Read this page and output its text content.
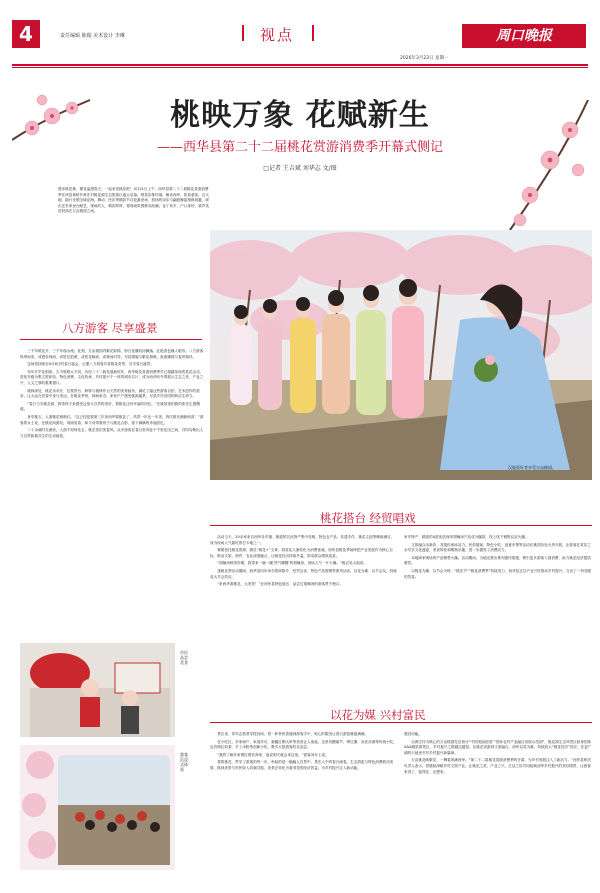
4	责任编辑 陈俊 美术设计 李琳	视点	周口晚报
2026年3月23日 星期一
桃映万象 花赋新生
——西华县第二十二届桃花赏游消费季开幕式侧记
□记者 王吉斌 刘华志 文/图
漫步桃花林，撷花溢漫春天，一起来赏桃花吧！3月21日上午，西华县第二十二届桃花赏游消费季在该县黄桥乡黄庄村桃花源生态旅游区盛大启幕。观赏彩排环境，畅谈西华，知春意浓。过大地，踏行光照全域花海。舞动、民乐等精彩节目轮番登场，悠扬的诗乐与翩跹舞姿相映成趣，演出艺术家登台献艺，现场的人、喝彩阵阵，将现场氛围推向高潮。金丁家乡、户口身份，欢声笑语回荡在万亩桃园之间。
八方游客 尽享盛景

三千年桃花开，三千年瑞水流。此刻，万亩桃园内繁花似锦，粉白花瓣轻扬飘落，红艳香色撞人眼帘。八方游客络绎而来，或漫步林间，或驻足拍照，或依花畅叙，或林间对弈，尽赏旖旎与繁花相映，致意缠绵与春风相伴。

这场将持续至4月6日的春日盛会，正邀八方游客共赏桃花奇景，尽享春日盛景。

年年岁岁花相似，古今娱娱大不同。历经二十二载发展新钦作，西华桃花赏游消费季早已超越单纯的赏花活动，进化升级为集文旅体验、特色消费、文化传承、乡村振兴于一体的城市名片，成为西华向外界展示生态之美、产业之兴、人文之厚的重要窗口。

桃林深处，桃花朵朵开，往观景台、跨桥与桃林作为天然的美背画布，满足了踏这些游客自拍、艺术创作的需求。让大众在赏春中身与美达，在桃花季里，林间举办，家家户户感受桃源盛景，尽是乡村田园的鲜活生命力。

“春日与芳桃花源，我带孩子来感受这里大自然的美好，看桃花这份幸福的回忆。”在桃园里拍照的张先生感慨道。

身穿桃衣，人面桃花相映红。“这已经是我第三次来西华看桃花了，风景一年比一年美，每次都充满新惊喜！”游客郑女士说，在桃花间游玩，现场赏春，和父母带着孩子与桃花合影，留下满满的幸福回忆。

二十余载时光流转，人面不知何处去，桃花依旧笑春风。众多游客在春日里奔赴于千里花田之间，共同勾勒出人与自然和谐共生的生动画卷。

汉服爱好者享受万亩桃园。
桃花搭台 经贸唱戏

活动当天，20余家来自西华各乡镇、街道的名优特产集中亮相，特色农产品、非遗手作、桃花文创等琳琅满目，成为现场人气最旺的打卡地之一。

紧紧依托桃花资源，做足“桃花+”文章，将赏花人流转化为消费客流。西华县桃花季始终把产业发展作为核心目标，推动文旅、商贸、农业深度融合，让桃花经济持续升温，带动群众增收致富。

“胡辣汤鲜美好喝，我带来一碗一碗‘热气腾腾’的胡辣汤，现场人气一片火爆。”桃农吴大姐说。

逢桃花季活动期间，西华县同步举办招商推介、经贸洽谈、特色产品展销等系列活动，以花为媒、以节会友，持续放大节会效应。

“来西华看桃花，大美景！”在西华县特色展区，品尝过胡辣汤的游客赞不绝口。

家乡特产，精选的4款优质西华胡辣汤产品成为爆款，线上线下销售双双火爆。

文旅融合出新彩，非遗传承添活力。民俗展演、特色小吃、创意市集等活动在桃园各处火热开展，让游客在赏花之余尽享文化盛宴、美食体验和购物乐趣，进一步激发了消费活力。

本地商家现场的产品销售火爆。活动期间，当地还推出系列惠民措施，吸引更多游客入园消费，助力桃花经济提质增效。

以桃花为媒、以节会为桥，“桃花节”“桃花消费季”持续发力，西华县正以产业兴旺推动乡村振兴，交出了一份亮眼的答卷。

市民品尝美食
游客沉浸式体验
以花为媒 兴村富民

景区里，青年志愿者穿梭其间，将一杯杯热茶递到游客手中，贴心的服务让春日游览暖意满满。

在小吃区，多家商户、家庭作坊、新疆红柳大串等美食让人垂涎。这里有糖葫芦、烤红薯、凉皮凉面等传统小吃，也有网红奶茶、手工冰粉等创新小吃，吸引大批游客驻足品尝。

“我的了解多家网红餐饮商家，他说明天就会来这里。”游客刘女士说。

着的桃花，贯穿了游客的每一步，串起的是一幅幅人在景中、景在人中的春日画卷。生态游览与特色消费联动发展、桃林美景与村民收入同频共振，美景正转化为看得见的经济效益，为乡村振兴注入新动能。

强劲动能。

以黄庄村为核心的万亩桃园先后获评“中国美丽田园”“国家农村产业融合发展示范园”，桃花源生态风景区跻身国家AAA级旅游景区，乡村振兴之路越走越宽。从桃花赏游到文旅融合，西华以花为媒，持续放大“桃花经济”效应，在更广阔的天地里书写乡村振兴新篇章。

万亩桃花映繁花，一樽春风满西华。“第二十二届桃花赏游消费季的开幕，为乡村发展注入了新活力。”西华县相关负责人表示，将继续深耕乡村文旅产业，让桃花之美、产业之兴、生活之好共同绘就西华乡村振兴的美好图景，让游客来得了、留得住、还想来。
